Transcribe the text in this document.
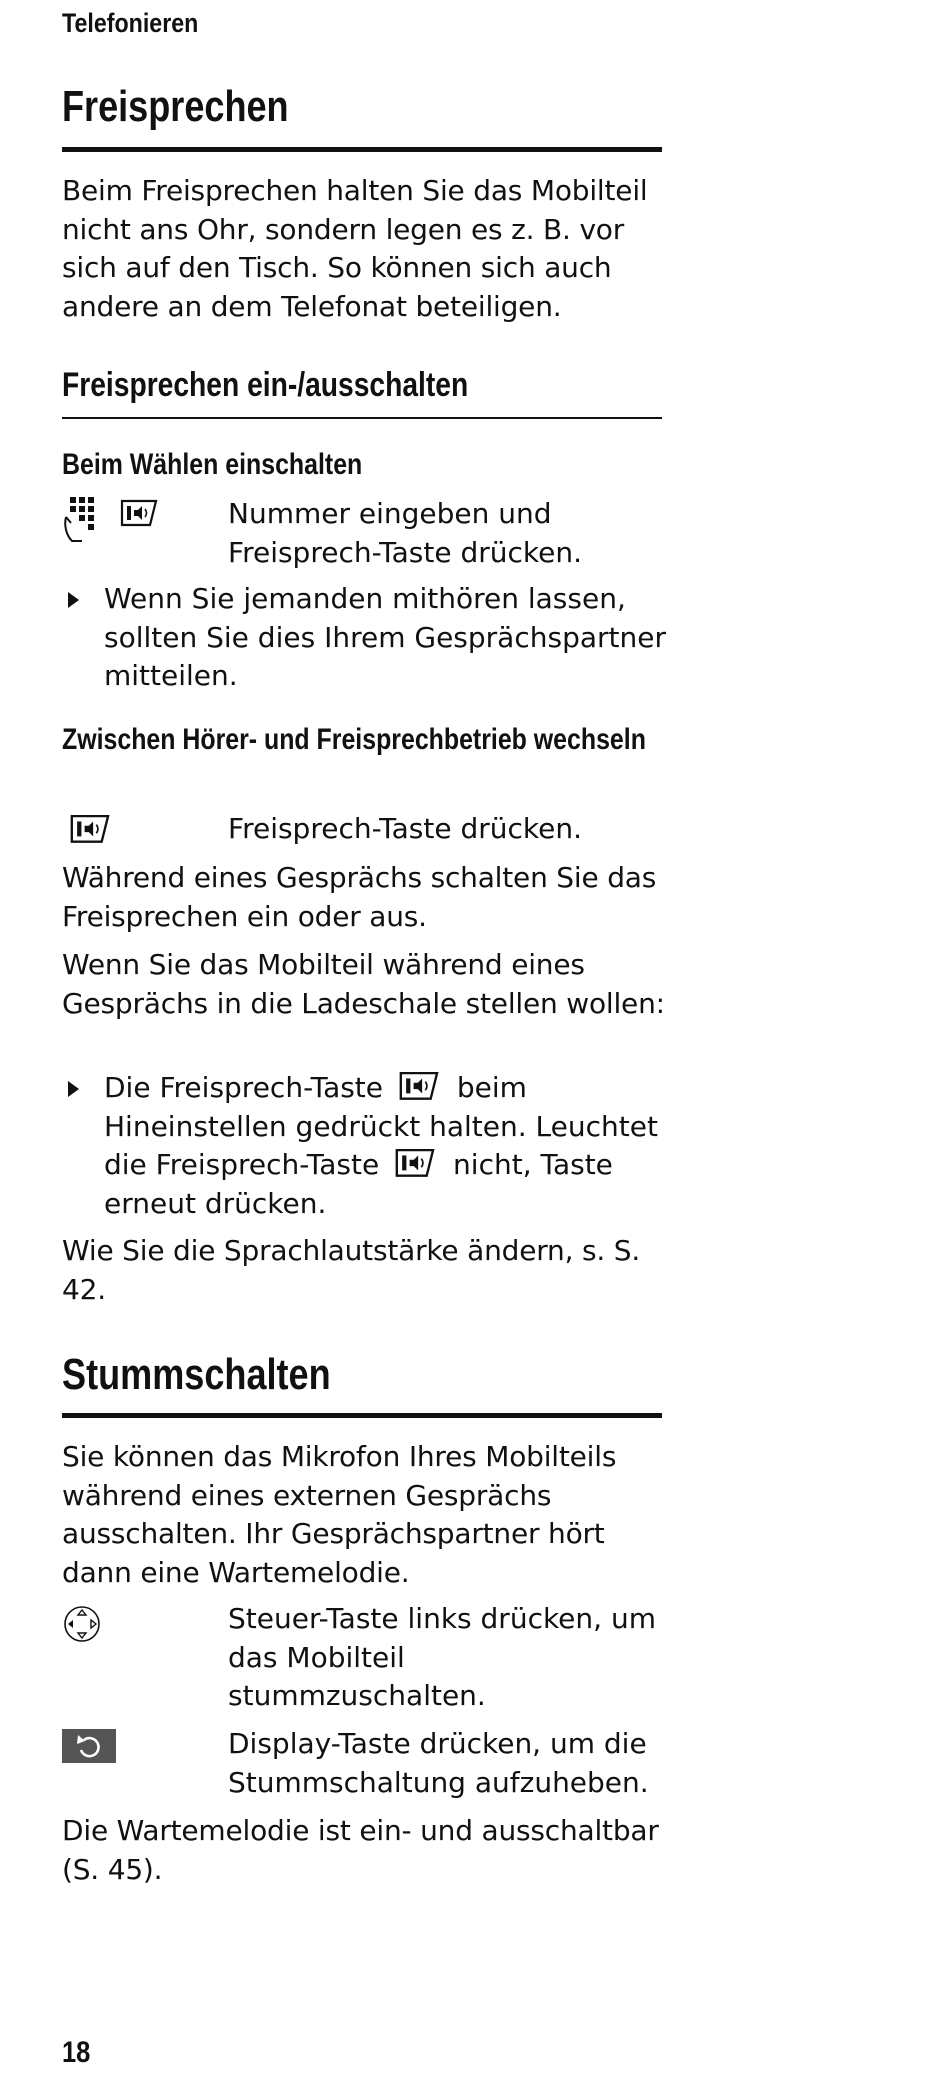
Telefonieren
Freisprechen
Beim Freisprechen halten Sie das Mobilteil nicht ans Ohr, sondern legen es z. B. vor sich auf den Tisch. So können sich auch andere an dem Telefonat beteiligen.
Freisprechen ein-/ausschalten
Beim Wählen einschalten
Nummer eingeben und Freisprech-Taste drücken.
Wenn Sie jemanden mithören lassen, sollten Sie dies Ihrem Gesprächspartner mitteilen.
Zwischen Hörer- und Freisprechbetrieb wechseln
Freisprech-Taste drücken.
Während eines Gesprächs schalten Sie das Freisprechen ein oder aus.
Wenn Sie das Mobilteil während eines Gesprächs in die Ladeschale stellen wollen:
Die Freisprech-Taste	beim Hineinstellen gedrückt halten. Leuchtet die Freisprech-Taste	nicht, Taste erneut drücken.
Wie Sie die Sprachlautstärke ändern, s. S. 42.
Stummschalten
Sie können das Mikrofon Ihres Mobilteils während eines externen Gesprächs ausschalten. Ihr Gesprächspartner hört dann eine Wartemelodie.
Steuer-Taste links drücken, um das Mobilteil stummzuschalten.
Display-Taste drücken, um die Stummschaltung aufzuheben.
Die Wartemelodie ist ein- und ausschaltbar (S. 45).
18
